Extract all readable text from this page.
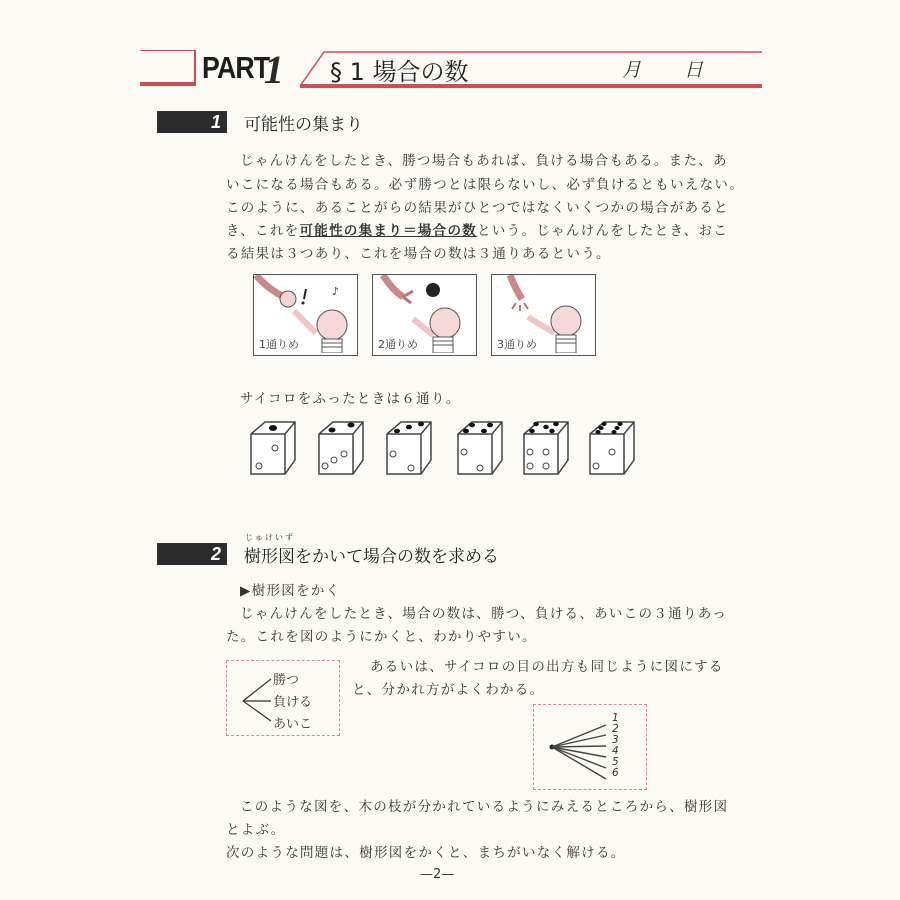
PART
1 § 1 場合の数	月 日
1	可能性の集まり
じゃんけんをしたとき、勝つ場合もあれば、負ける場合もある。また、あ
いこになる場合もある。必ず勝つとは限らないし、必ず負けるともいえない。
このように、あることがらの結果がひとつではなくいくつかの場合があると
き、これを可能性の集まり＝場合の数という。じゃんけんをしたとき、おこ
る結果は３つあり、これを場合の数は３通りあるという。
♪
1通りめ	2通りめ	3通りめ
サイコロをふったときは６通り。
2
じゅけいず
樹形図をかいて場合の数を求める
▶樹形図をかく
じゃんけんをしたとき、場合の数は、勝つ、負ける、あいこの３通りあっ
た。これを図のようにかくと、わかりやすい。
勝つ
負ける
あいこ
あるいは、サイコロの目の出方も同じように図にする
と、分かれ方がよくわかる。
1
2
3
4
5
6
このような図を、木の枝が分かれているようにみえるところから、樹形図
とよぶ。
次のような問題は、樹形図をかくと、まちがいなく解ける。
—2—
